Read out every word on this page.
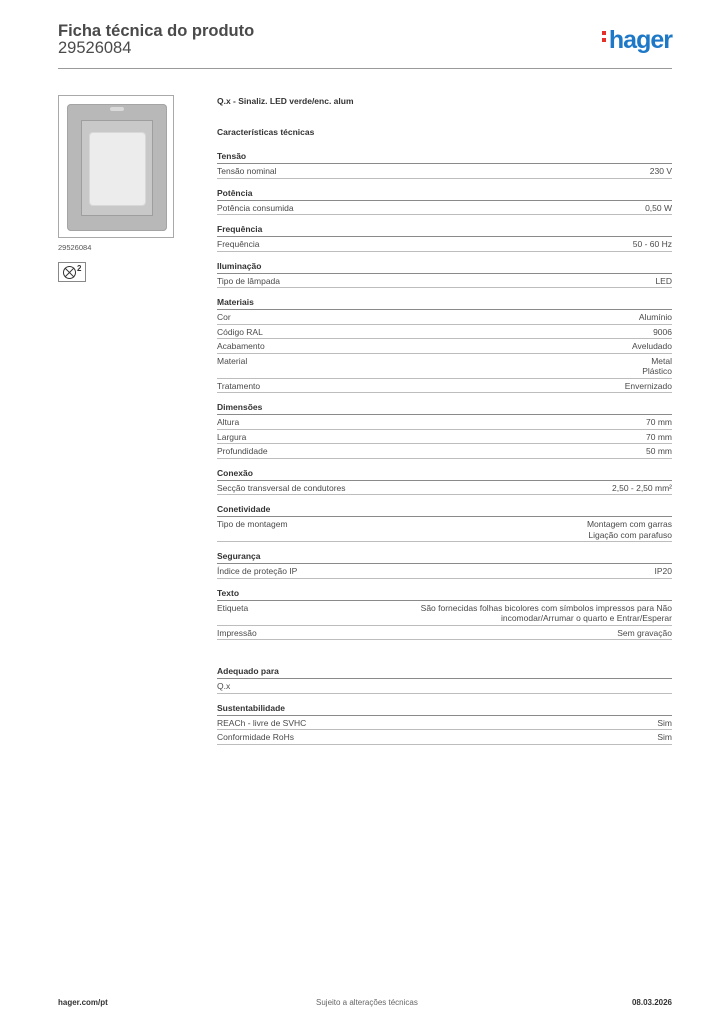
Ficha técnica do produto
29526084	hager
29526084
2
Q.x - Sinaliz. LED verde/enc. alum
Características técnicas
Tensão
Tensão nominal	230 V
Potência
Potência consumida	0,50 W
Frequência
Frequência	50 - 60 Hz
Iluminação
Tipo de lâmpada	LED
Materiais
Cor	Alumínio
Código RAL	9006
Acabamento	Aveludado
Material	Metal
Plástico
Tratamento	Envernizado
Dimensões
Altura	70 mm
Largura	70 mm
Profundidade	50 mm
Conexão
Secção transversal de condutores	2,50 - 2,50 mm²
Conetividade
Tipo de montagem	Montagem com garras
Ligação com parafuso
Segurança
Índice de proteção IP	IP20
Texto
Etiqueta	São fornecidas folhas bicolores com símbolos impressos para Não
incomodar/Arrumar o quarto e Entrar/Esperar
Impressão	Sem gravação
Adequado para
Q.x
Sustentabilidade
REACh - livre de SVHC	Sim
Conformidade RoHs	Sim
hager.com/pt	Sujeito a alterações técnicas	08.03.2026
